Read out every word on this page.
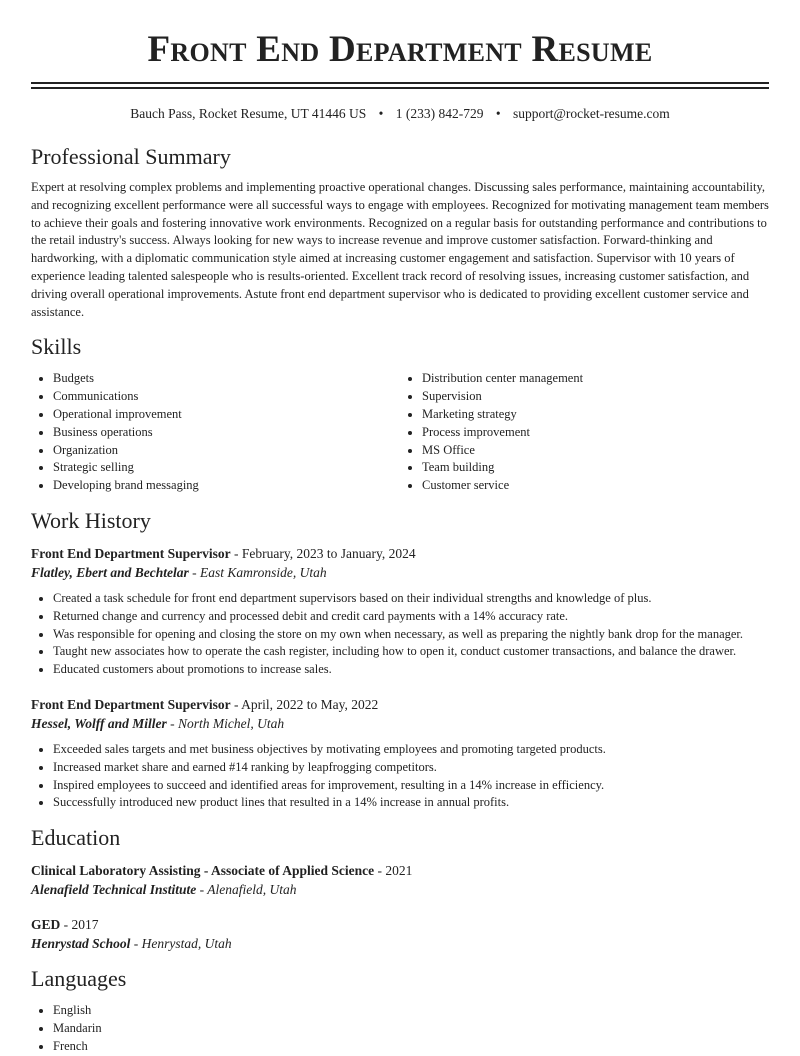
Front End Department Resume
Bauch Pass, Rocket Resume, UT 41446 US • 1 (233) 842-729 • support@rocket-resume.com
Professional Summary

Expert at resolving complex problems and implementing proactive operational changes. Discussing sales performance, maintaining accountability, and recognizing excellent performance were all successful ways to engage with employees. Recognized for motivating management team members to achieve their goals and fostering innovative work environments. Recognized on a regular basis for outstanding performance and contributions to the retail industry's success. Always looking for new ways to increase revenue and improve customer satisfaction. Forward-thinking and hardworking, with a diplomatic communication style aimed at increasing customer engagement and satisfaction. Supervisor with 10 years of experience leading talented salespeople who is results-oriented. Excellent track record of resolving issues, increasing customer satisfaction, and driving overall operational improvements. Astute front end department supervisor who is dedicated to providing excellent customer service and assistance.

Skills
• Budgets
• Communications
• Operational improvement
• Business operations
• Organization
• Strategic selling
• Developing brand messaging
• Distribution center management
• Supervision
• Marketing strategy
• Process improvement
• MS Office
• Team building
• Customer service
Work History
Front End Department Supervisor - February, 2023 to January, 2024
Flatley, Ebert and Bechtelar - East Kamronside, Utah
• Created a task schedule for front end department supervisors based on their individual strengths and knowledge of plus.
• Returned change and currency and processed debit and credit card payments with a 14% accuracy rate.
• Was responsible for opening and closing the store on my own when necessary, as well as preparing the nightly bank drop for the manager.
• Taught new associates how to operate the cash register, including how to open it, conduct customer transactions, and balance the drawer.
• Educated customers about promotions to increase sales.
Front End Department Supervisor - April, 2022 to May, 2022
Hessel, Wolff and Miller - North Michel, Utah
• Exceeded sales targets and met business objectives by motivating employees and promoting targeted products.
• Increased market share and earned #14 ranking by leapfrogging competitors.
• Inspired employees to succeed and identified areas for improvement, resulting in a 14% increase in efficiency.
• Successfully introduced new product lines that resulted in a 14% increase in annual profits.
Education
Clinical Laboratory Assisting - Associate of Applied Science - 2021
Alenafield Technical Institute - Alenafield, Utah
GED - 2017
Henrystad School - Henrystad, Utah
Languages
• English
• Mandarin
• French
